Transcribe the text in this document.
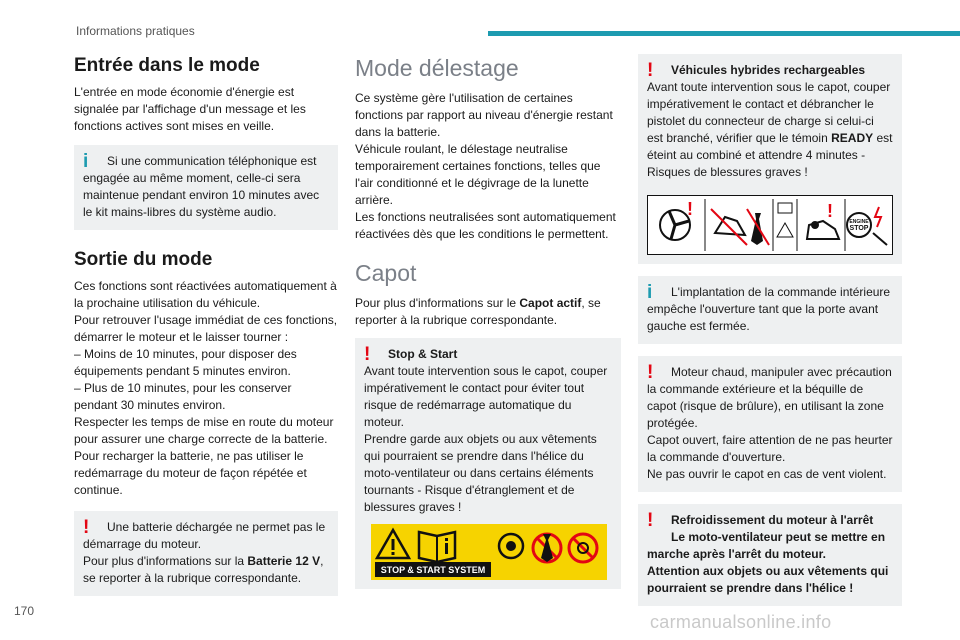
Informations pratiques
Entrée dans le mode

L'entrée en mode économie d'énergie est signalée par l'affichage d'un message et les fonctions actives sont mises en veille.

i	Si une communication téléphonique est engagée au même moment, celle-ci sera maintenue pendant environ 10 minutes avec le kit mains-libres du système audio.

Sortie du mode

Ces fonctions sont réactivées automatiquement à la prochaine utilisation du véhicule.
Pour retrouver l'usage immédiat de ces fonctions, démarrer le moteur et le laisser tourner :
– Moins de 10 minutes, pour disposer des équipements pendant 5 minutes environ.
– Plus de 10 minutes, pour les conserver pendant 30 minutes environ.
Respecter les temps de mise en route du moteur pour assurer une charge correcte de la batterie.
Pour recharger la batterie, ne pas utiliser le redémarrage du moteur de façon répétée et continue.

!	Une batterie déchargée ne permet pas le démarrage du moteur.
Pour plus d'informations sur la Batterie 12 V, se reporter à la rubrique correspondante.

Mode délestage

Ce système gère l'utilisation de certaines fonctions par rapport au niveau d'énergie restant dans la batterie.
Véhicule roulant, le délestage neutralise temporairement certaines fonctions, telles que l'air conditionné et le dégivrage de la lunette arrière.
Les fonctions neutralisées sont automatiquement réactivées dès que les conditions le permettent.

Capot

Pour plus d'informations sur le Capot actif, se reporter à la rubrique correspondante.

!	Stop & Start

Avant toute intervention sous le capot, couper impérativement le contact pour éviter tout risque de redémarrage automatique du moteur.
Prendre garde aux objets ou aux vêtements qui pourraient se prendre dans l'hélice du moto-ventilateur ou dans certains éléments tournants - Risque d'étranglement et de blessures graves !

STOP & START SYSTEM
!	Véhicules hybrides rechargeables

Avant toute intervention sous le capot, couper impérativement le contact et débrancher le pistolet du connecteur de charge si celui-ci est branché, vérifier que le témoin READY est éteint au combiné et attendre 4 minutes - Risques de blessures graves !

!	!
ENGINE
STOP
i	L'implantation de la commande intérieure empêche l'ouverture tant que la porte avant gauche est fermée.

!	Moteur chaud, manipuler avec précaution la commande extérieure et la béquille de capot (risque de brûlure), en utilisant la zone protégée.
Capot ouvert, faire attention de ne pas heurter la commande d'ouverture.
Ne pas ouvrir le capot en cas de vent violent.

!	Refroidissement du moteur à l'arrêt

Le moto-ventilateur peut se mettre en marche après l'arrêt du moteur.
Attention aux objets ou aux vêtements qui pourraient se prendre dans l'hélice !

170
carmanualsonline.info
